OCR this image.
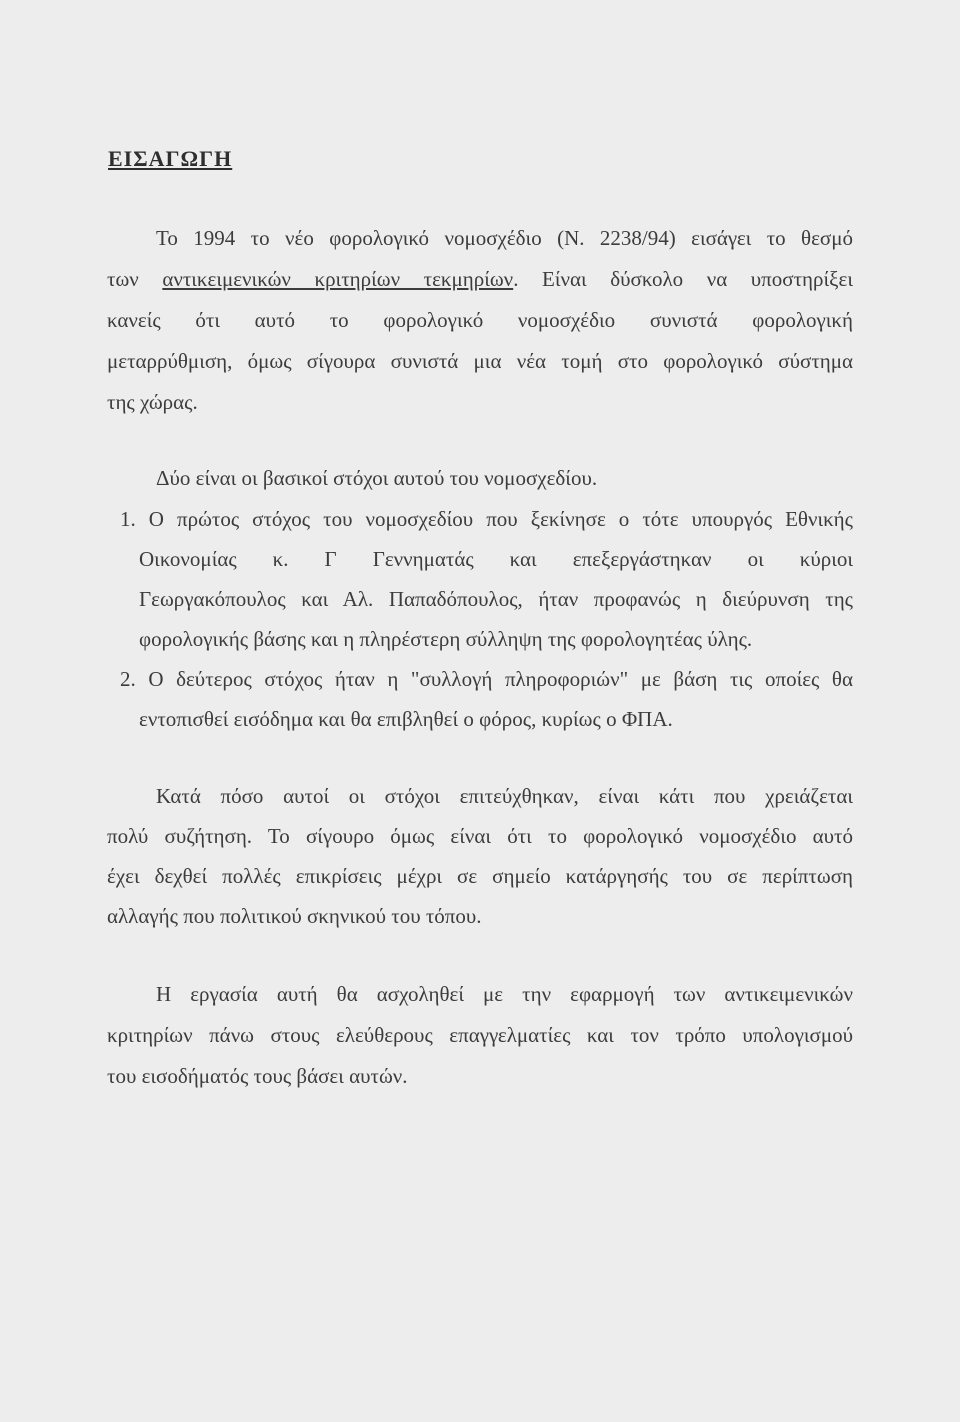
ΕΙΣΑΓΩΓΗ
Το 1994 το νέο φορολογικό νομοσχέδιο (Ν. 2238/94) εισάγει το θεσμό
των αντικειμενικών κριτηρίων τεκμηρίων. Είναι δύσκολο να υποστηρίξει
κανείς ότι αυτό το φορολογικό νομοσχέδιο συνιστά φορολογική
μεταρρύθμιση, όμως σίγουρα συνιστά μια νέα τομή στο φορολογικό σύστημα
της χώρας.
Δύο είναι οι βασικοί στόχοι αυτού του νομοσχεδίου.
1. Ο πρώτος στόχος του νομοσχεδίου που ξεκίνησε ο τότε υπουργός Εθνικής
Οικονομίας κ. Γ Γεννηματάς και επεξεργάστηκαν οι κύριοι
Γεωργακόπουλος και Αλ. Παπαδόπουλος, ήταν προφανώς η διεύρυνση της
φορολογικής βάσης και η πληρέστερη σύλληψη της φορολογητέας ύλης.
2. Ο δεύτερος στόχος ήταν η "συλλογή πληροφοριών" με βάση τις οποίες θα
εντοπισθεί εισόδημα και θα επιβληθεί ο φόρος, κυρίως ο ΦΠΑ.
Κατά πόσο αυτοί οι στόχοι επιτεύχθηκαν, είναι κάτι που χρειάζεται
πολύ συζήτηση. Το σίγουρο όμως είναι ότι το φορολογικό νομοσχέδιο αυτό
έχει δεχθεί πολλές επικρίσεις μέχρι σε σημείο κατάργησής του σε περίπτωση
αλλαγής που πολιτικού σκηνικού του τόπου.
Η εργασία αυτή θα ασχοληθεί με την εφαρμογή των αντικειμενικών
κριτηρίων πάνω στους ελεύθερους επαγγελματίες και τον τρόπο υπολογισμού
του εισοδήματός τους βάσει αυτών.
